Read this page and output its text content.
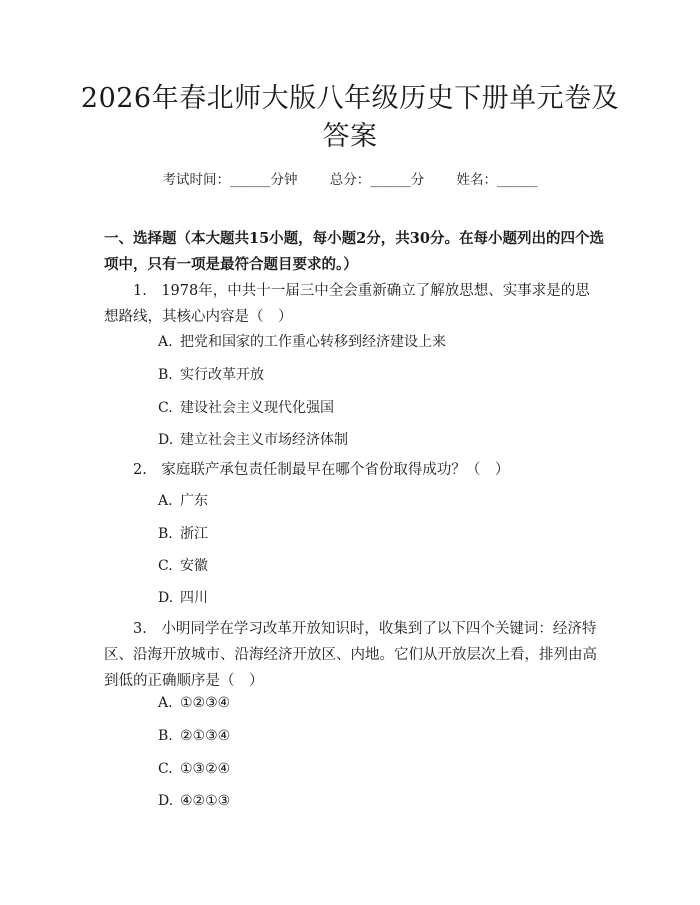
2026年春北师大版八年级历史下册单元卷及答案
考试时间：______分钟 总分：______分 姓名：______
一、选择题（本大题共15小题，每小题2分，共30分。在每小题列出的四个选项中，只有一项是最符合题目要求的。）
1.　1978年，中共十一届三中全会重新确立了解放思想、实事求是的思想路线，其核心内容是（　）
A. 把党和国家的工作重心转移到经济建设上来
B. 实行改革开放
C. 建设社会主义现代化强国
D. 建立社会主义市场经济体制
2.　家庭联产承包责任制最早在哪个省份取得成功？（　）
A. 广东
B. 浙江
C. 安徽
D. 四川
3.　小明同学在学习改革开放知识时，收集到了以下四个关键词：经济特区、沿海开放城市、沿海经济开放区、内地。它们从开放层次上看，排列由高到低的正确顺序是（　）
A. ①②③④
B. ②①③④
C. ①③②④
D. ④②①③
